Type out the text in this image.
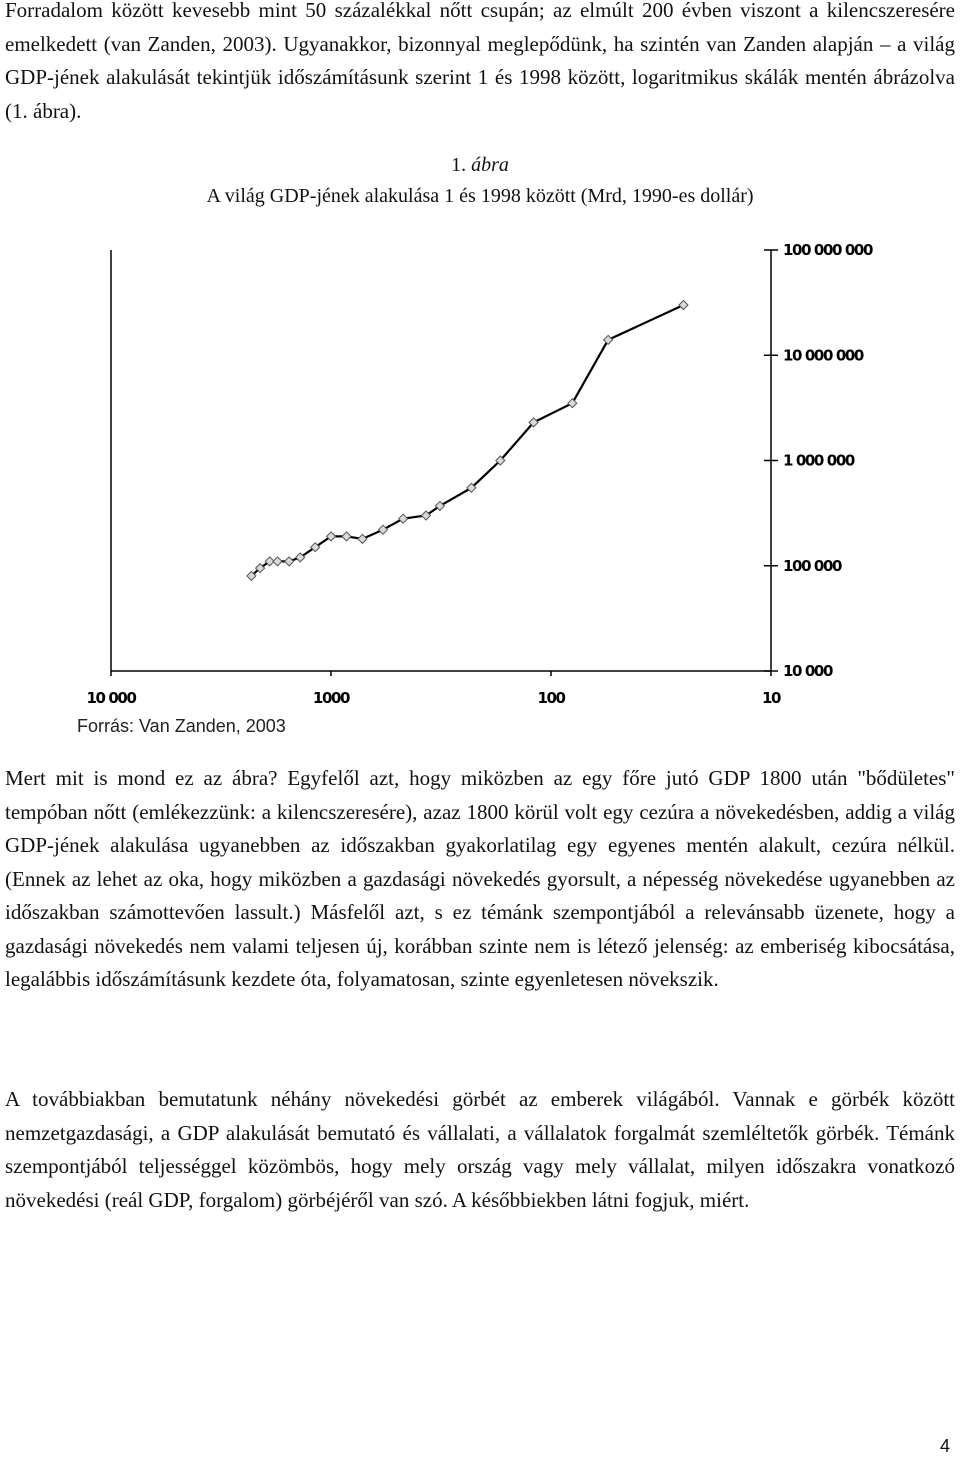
Forradalom között kevesebb mint 50 százalékkal nőtt csupán; az elmúlt 200 évben viszont a kilencszeresére emelkedett (van Zanden, 2003). Ugyanakkor, bizonnyal meglepődünk, ha szintén van Zanden alapján – a világ GDP-jének alakulását tekintjük időszámításunk szerint 1 és 1998 között, logaritmikus skálák mentén ábrázolva (1. ábra).

1. ábra

A világ GDP-jének alakulása 1 és 1998 között (Mrd, 1990-es dollár)

100 000 000
10 000 000
1 000 000
100 000
10 000
10 000	1000	100	10

Forrás: Van Zanden, 2003

Mert mit is mond ez az ábra? Egyfelől azt, hogy miközben az egy főre jutó GDP 1800 után "bődületes" tempóban nőtt (emlékezzünk: a kilencszeresére), azaz 1800 körül volt egy cezúra a növekedésben, addig a világ GDP-jének alakulása ugyanebben az időszakban gyakorlatilag egy egyenes mentén alakult, cezúra nélkül. (Ennek az lehet az oka, hogy miközben a gazdasági növekedés gyorsult, a népesség növekedése ugyanebben az időszakban számottevően lassult.) Másfelől azt, s ez témánk szempontjából a relevánsabb üzenete, hogy a gazdasági növekedés nem valami teljesen új, korábban szinte nem is létező jelenség: az emberiség kibocsátása, legalábbis időszámításunk kezdete óta, folyamatosan, szinte egyenletesen növekszik.

A továbbiakban bemutatunk néhány növekedési görbét az emberek világából. Vannak e görbék között nemzetgazdasági, a GDP alakulását bemutató és vállalati, a vállalatok forgalmát szemléltetők görbék. Témánk szempontjából teljességgel közömbös, hogy mely ország vagy mely vállalat, milyen időszakra vonatkozó növekedési (reál GDP, forgalom) görbéjéről van szó. A későbbiekben látni fogjuk, miért.

4
